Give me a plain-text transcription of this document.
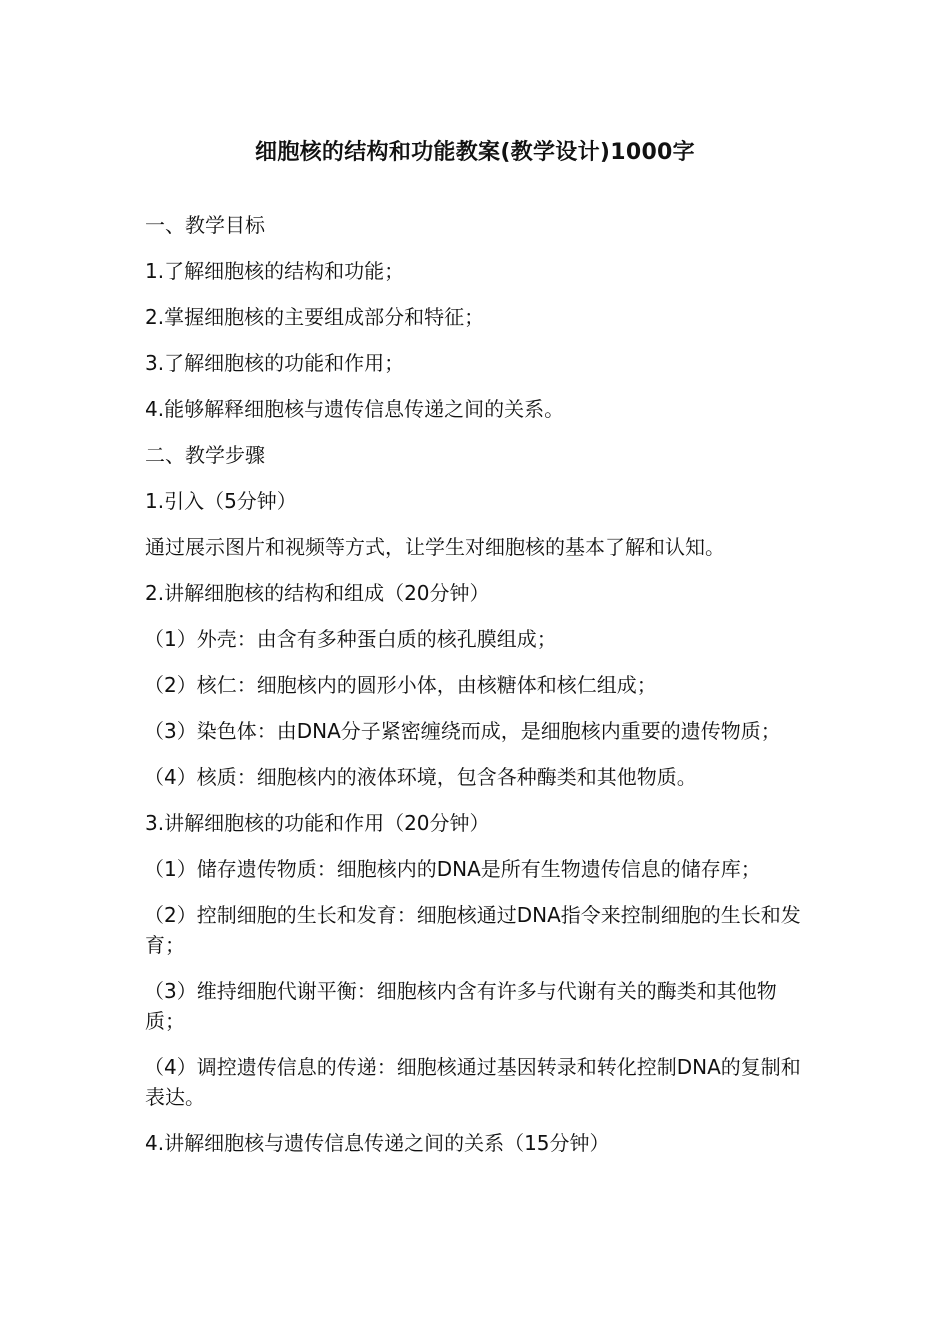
细胞核的结构和功能教案(教学设计)1000字

一、教学目标

1.了解细胞核的结构和功能；

2.掌握细胞核的主要组成部分和特征；

3.了解细胞核的功能和作用；

4.能够解释细胞核与遗传信息传递之间的关系。

二、教学步骤

1.引入（5分钟）

通过展示图片和视频等方式，让学生对细胞核的基本了解和认知。

2.讲解细胞核的结构和组成（20分钟）

（1）外壳：由含有多种蛋白质的核孔膜组成；

（2）核仁：细胞核内的圆形小体，由核糖体和核仁组成；

（3）染色体：由DNA分子紧密缠绕而成，是细胞核内重要的遗传物质；

（4）核质：细胞核内的液体环境，包含各种酶类和其他物质。

3.讲解细胞核的功能和作用（20分钟）

（1）储存遗传物质：细胞核内的DNA是所有生物遗传信息的储存库；

（2）控制细胞的生长和发育：细胞核通过DNA指令来控制细胞的生长和发育；

（3）维持细胞代谢平衡：细胞核内含有许多与代谢有关的酶类和其他物质；

（4）调控遗传信息的传递：细胞核通过基因转录和转化控制DNA的复制和表达。

4.讲解细胞核与遗传信息传递之间的关系（15分钟）
